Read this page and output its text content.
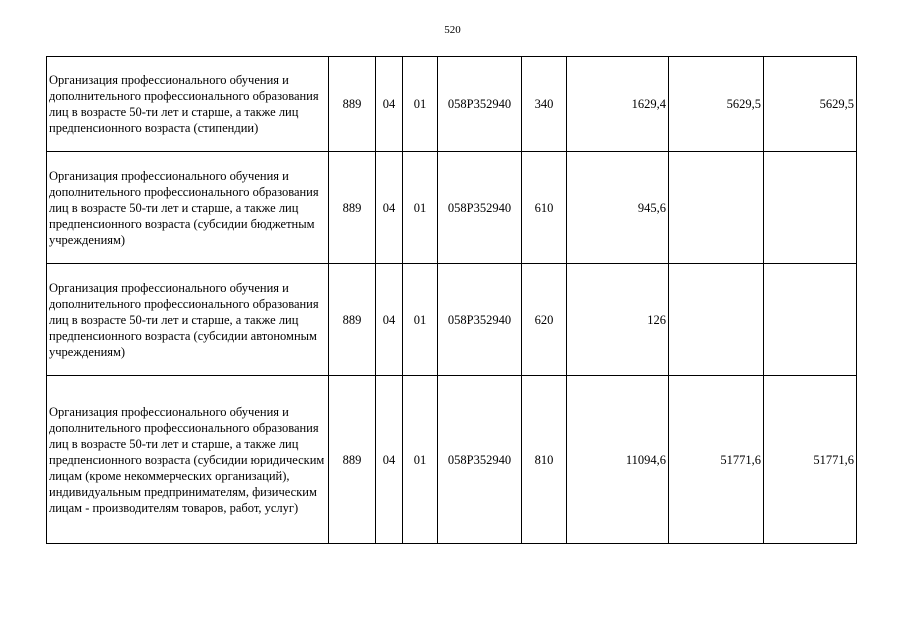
520
Организация профессионального обучения и дополнительного профессионального образования лиц в возрасте 50-ти лет и старше, а также лиц предпенсионного возраста (стипендии)	889	04	01	058P352940	340	1629,4	5629,5	5629,5
Организация профессионального обучения и дополнительного профессионального образования лиц в возрасте 50-ти лет и старше, а также лиц предпенсионного возраста (субсидии бюджетным учреждениям)	889	04	01	058P352940	610	945,6		
Организация профессионального обучения и дополнительного профессионального образования лиц в возрасте 50-ти лет и старше, а также лиц предпенсионного возраста (субсидии автономным учреждениям)	889	04	01	058P352940	620	126		
Организация профессионального обучения и дополнительного профессионального образования лиц в возрасте 50-ти лет и старше, а также лиц предпенсионного возраста (субсидии юридическим лицам (кроме некоммерческих организаций), индивидуальным предпринимателям, физическим лицам - производителям товаров, работ, услуг)	889	04	01	058P352940	810	11094,6	51771,6	51771,6
